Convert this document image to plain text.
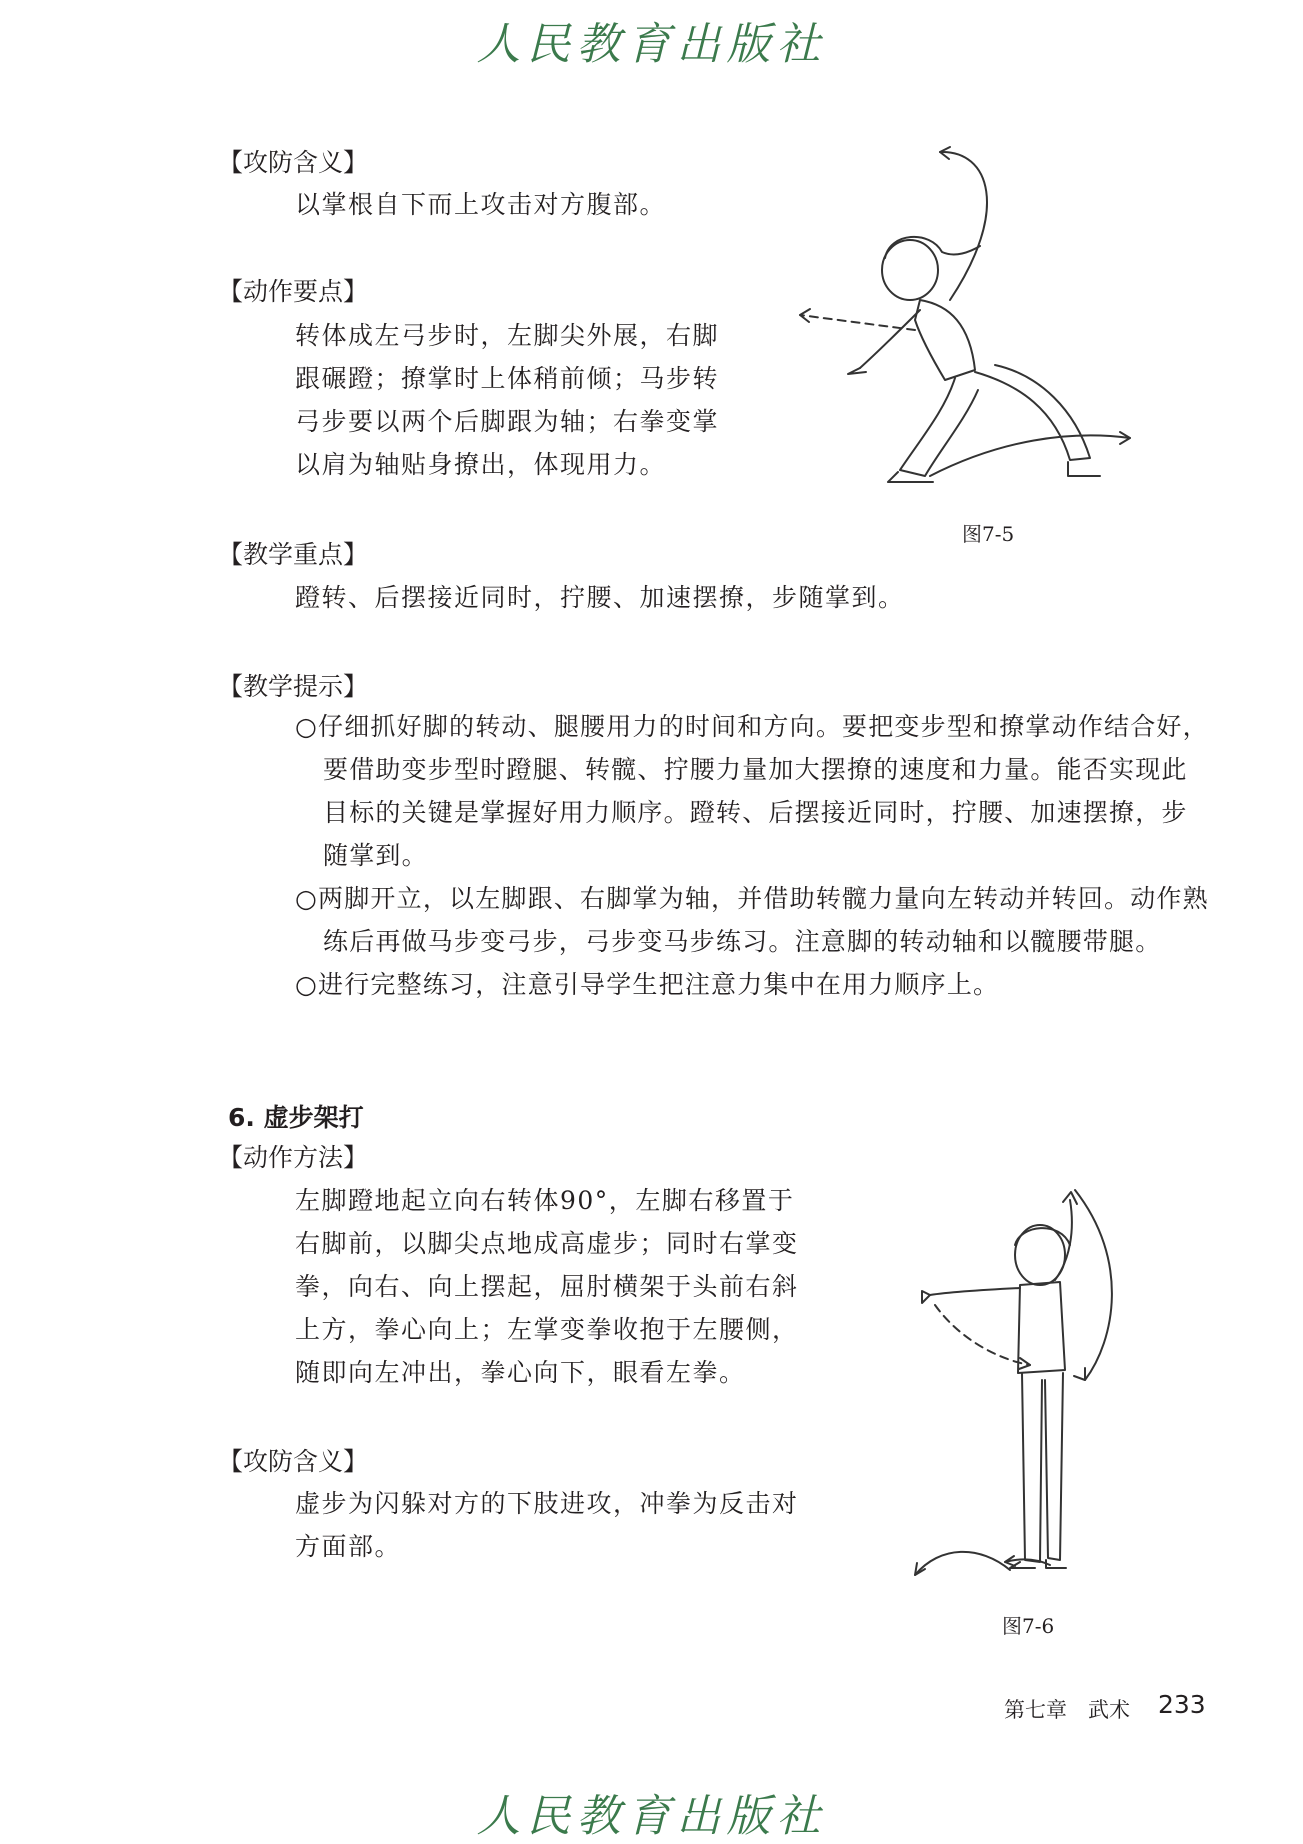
人民教育出版社
【攻防含义】
以掌根自下而上攻击对方腹部。
【动作要点】
转体成左弓步时，左脚尖外展，右脚
跟碾蹬；撩掌时上体稍前倾；马步转
弓步要以两个后脚跟为轴；右拳变掌
以肩为轴贴身撩出，体现用力。
图7-5
【教学重点】
蹬转、后摆接近同时，拧腰、加速摆撩，步随掌到。
【教学提示】
○仔细抓好脚的转动、腿腰用力的时间和方向。要把变步型和撩掌动作结合好，要借助变步型时蹬腿、转髋、拧腰力量加大摆撩的速度和力量。能否实现此目标的关键是掌握好用力顺序。蹬转、后摆接近同时，拧腰、加速摆撩，步随掌到。
○两脚开立，以左脚跟、右脚掌为轴，并借助转髋力量向左转动并转回。动作熟练后再做马步变弓步，弓步变马步练习。注意脚的转动轴和以髋腰带腿。
○进行完整练习，注意引导学生把注意力集中在用力顺序上。
6. 虚步架打
【动作方法】
左脚蹬地起立向右转体90°，左脚右移置于
右脚前，以脚尖点地成高虚步；同时右掌变
拳，向右、向上摆起，屈肘横架于头前右斜
上方，拳心向上；左掌变拳收抱于左腰侧，
随即向左冲出，拳心向下，眼看左拳。
图7-6
【攻防含义】
虚步为闪躲对方的下肢进攻，冲拳为反击对
方面部。
第七章　武术 233
人民教育出版社
